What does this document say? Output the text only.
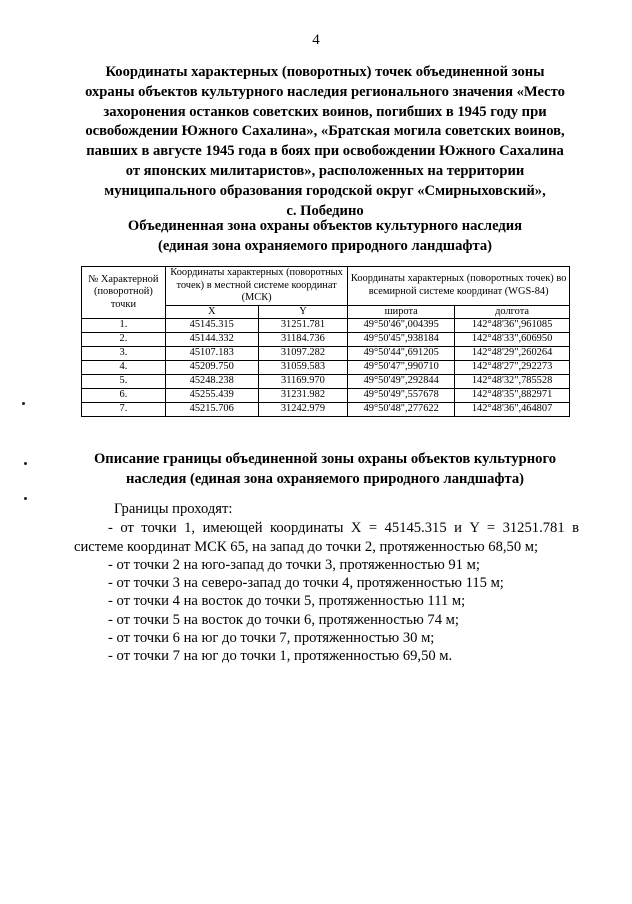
4
Координаты характерных (поворотных) точек объединенной зоны
охраны объектов культурного наследия регионального значения «Место
захоронения останков советских воинов, погибших в 1945 году при
освобождении Южного Сахалина», «Братская могила советских воинов,
павших в августе 1945 года в боях при освобождении Южного Сахалина
от японских милитаристов», расположенных на территории
муниципального образования городской округ «Смирныховский»,
с. Победино
Объединенная зона охраны объектов культурного наследия
(единая зона охраняемого природного ландшафта)
№ Характерной (поворотной) точки	Координаты характерных (поворотных точек) в местной системе координат (МСК)		Координаты характерных (поворотных точек) во всемирной системе координат (WGS-84)	
	X	Y	широта	долгота
1.	45145.315	31251.781	49°50'46",004395	142°48'36",961085
2.	45144.332	31184.736	49°50'45",938184	142°48'33",606950
3.	45107.183	31097.282	49°50'44",691205	142°48'29",260264
4.	45209.750	31059.583	49°50'47",990710	142°48'27",292273
5.	45248.238	31169.970	49°50'49",292844	142°48'32",785528
6.	45255.439	31231.982	49°50'49",557678	142°48'35",882971
7.	45215.706	31242.979	49°50'48",277622	142°48'36",464807
Описание границы объединенной зоны охраны объектов культурного
наследия (единая зона охраняемого природного ландшафта)
Границы проходят:
- от точки 1, имеющей координаты X = 45145.315 и Y = 31251.781 в
системе координат МСК 65, на запад до точки 2, протяженностью 68,50 м;
- от точки 2 на юго-запад до точки 3, протяженностью 91 м;
- от точки 3 на северо-запад до точки 4, протяженностью 115 м;
- от точки 4 на восток до точки 5, протяженностью 111 м;
- от точки 5 на восток до точки 6, протяженностью 74 м;
- от точки 6 на юг до точки 7, протяженностью 30 м;
- от точки 7 на юг до точки 1, протяженностью 69,50 м.
